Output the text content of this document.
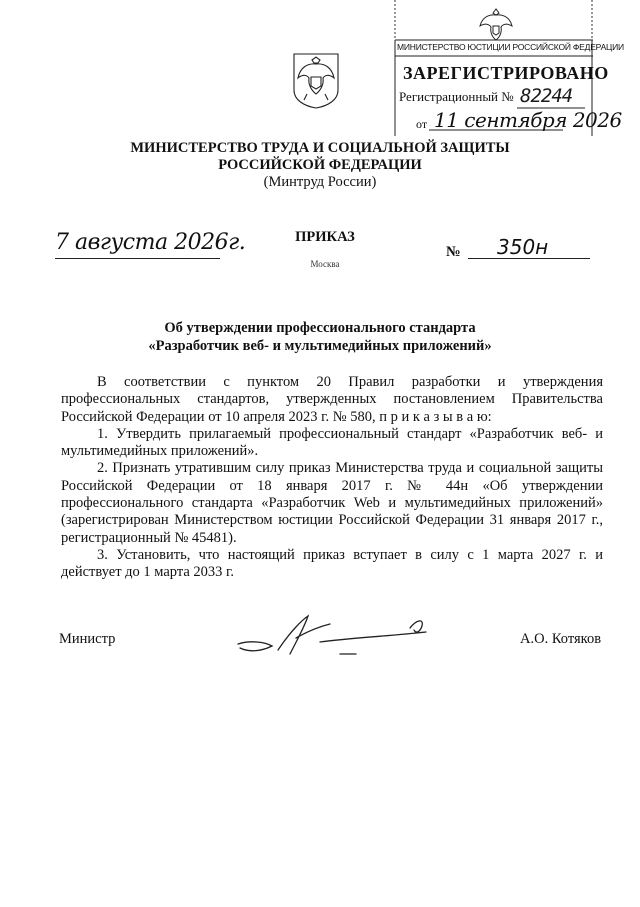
МИНИСТЕРСТВО ЮСТИЦИИ РОССИЙСКОЙ ФЕДЕРАЦИИ
ЗАРЕГИСТРИРОВАНО
Регистрационный № 82244
от 11 сентября 2026
МИНИСТЕРСТВО ТРУДА И СОЦИАЛЬНОЙ ЗАЩИТЫ
РОССИЙСКОЙ ФЕДЕРАЦИИ
(Минтруд России)
7 августа 2026г.	ПРИКАЗ
Москва
№ 350н
Об утверждении профессионального стандарта
«Разработчик веб- и мультимедийных приложений»

В соответствии с пунктом 20 Правил разработки и утверждения профессиональных стандартов, утвержденных постановлением Правительства Российской Федерации от 10 апреля 2023 г. № 580, п р и к а з ы в а ю:

1. Утвердить прилагаемый профессиональный стандарт «Разработчик веб- и мультимедийных приложений».

2. Признать утратившим силу приказ Министерства труда и социальной защиты Российской Федерации от 18 января 2017 г. № 44н «Об утверждении профессионального стандарта «Разработчик Web и мультимедийных приложений» (зарегистрирован Министерством юстиции Российской Федерации 31 января 2017 г., регистрационный № 45481).

3. Установить, что настоящий приказ вступает в силу с 1 марта 2027 г. и действует до 1 марта 2033 г.

Министр	А.О. Котяков
